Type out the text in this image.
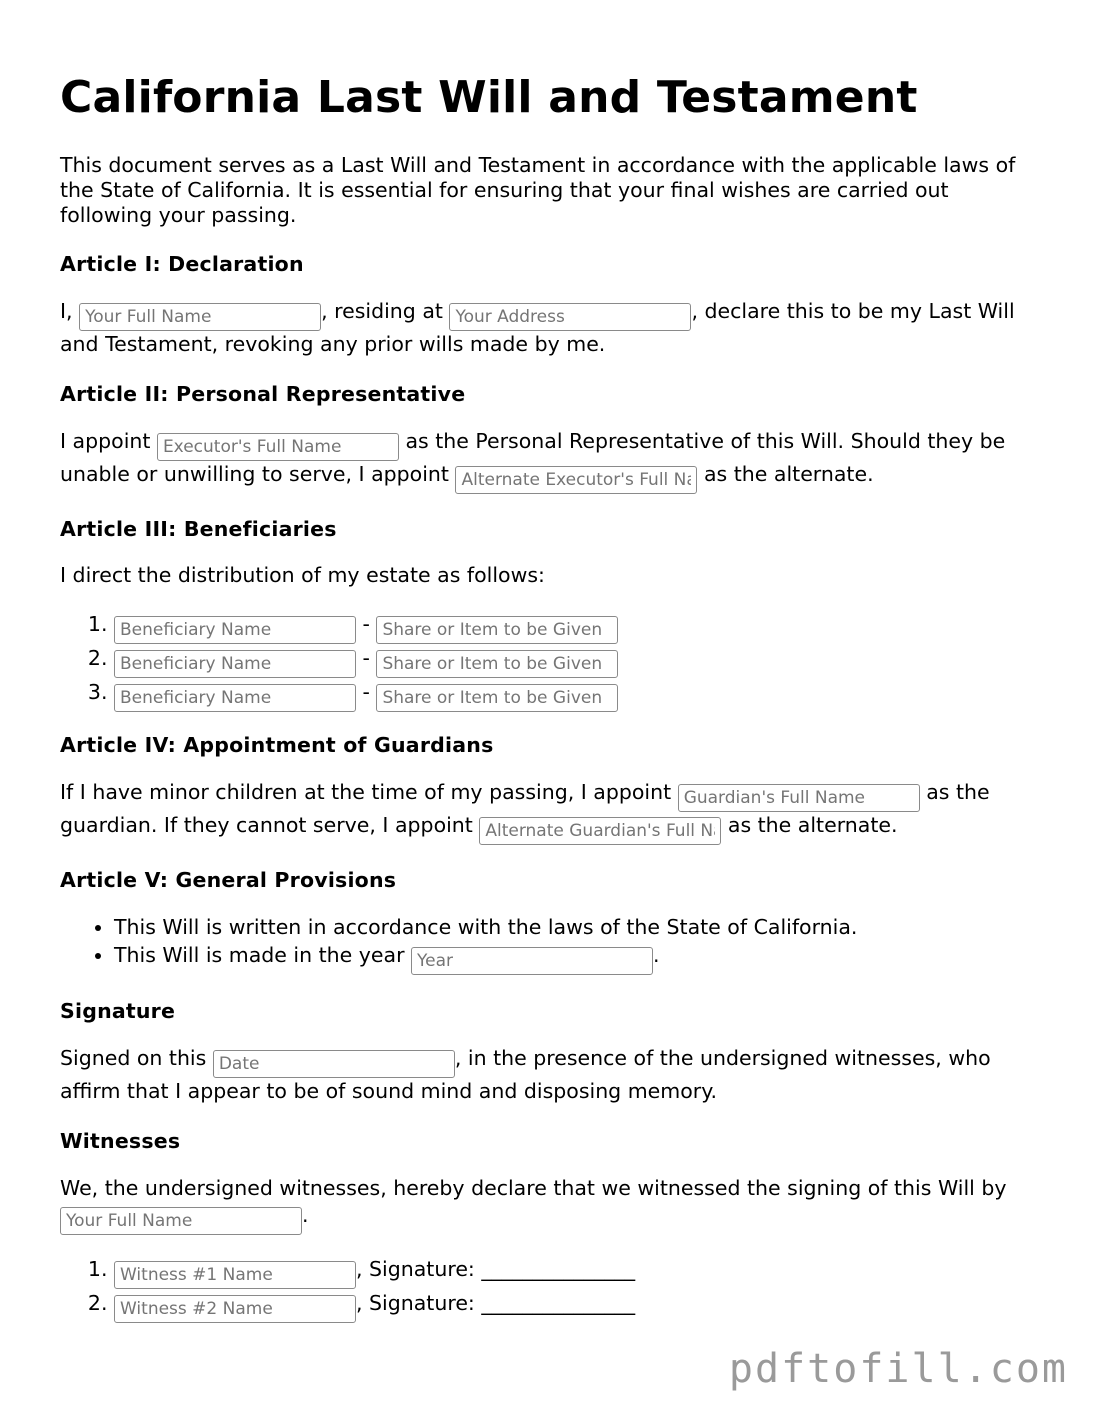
California Last Will and Testament

This document serves as a Last Will and Testament in accordance with the applicable laws of the State of California. It is essential for ensuring that your final wishes are carried out following your passing.

Article I: Declaration

I, Your Full Name	, residing at Your Address	, declare this to be my Last Will and Testament, revoking any prior wills made by me.

Article II: Personal Representative

I appoint Executor's Full Name	as the Personal Representative of this Will. Should they be unable or unwilling to serve, I appoint Alternate Executor's Full Name	as the alternate.

Article III: Beneficiaries

I direct the distribution of my estate as follows:

Beneficiary Name 1. - Share or Item to be Given
Beneficiary Name 2. - Share or Item to be Given
Beneficiary Name 3. - Share or Item to be Given
Article IV: Appointment of Guardians

If I have minor children at the time of my passing, I appoint Guardian's Full Name	as the guardian. If they cannot serve, I appoint Alternate Guardian's Full Name	as the alternate.

Article V: General Provisions
• This Will is written in accordance with the laws of the State of California.
• This Will is made in the year Year	.
Signature

Signed on this Date	, in the presence of the undersigned witnesses, who affirm that I appear to be of sound mind and disposing memory.

Witnesses

We, the undersigned witnesses, hereby declare that we witnessed the signing of this Will by Your Full Name.

Witness #1 Name 1. , Signature: _______________
Witness #2 Name 2. , Signature: _______________
pdftofill.com
